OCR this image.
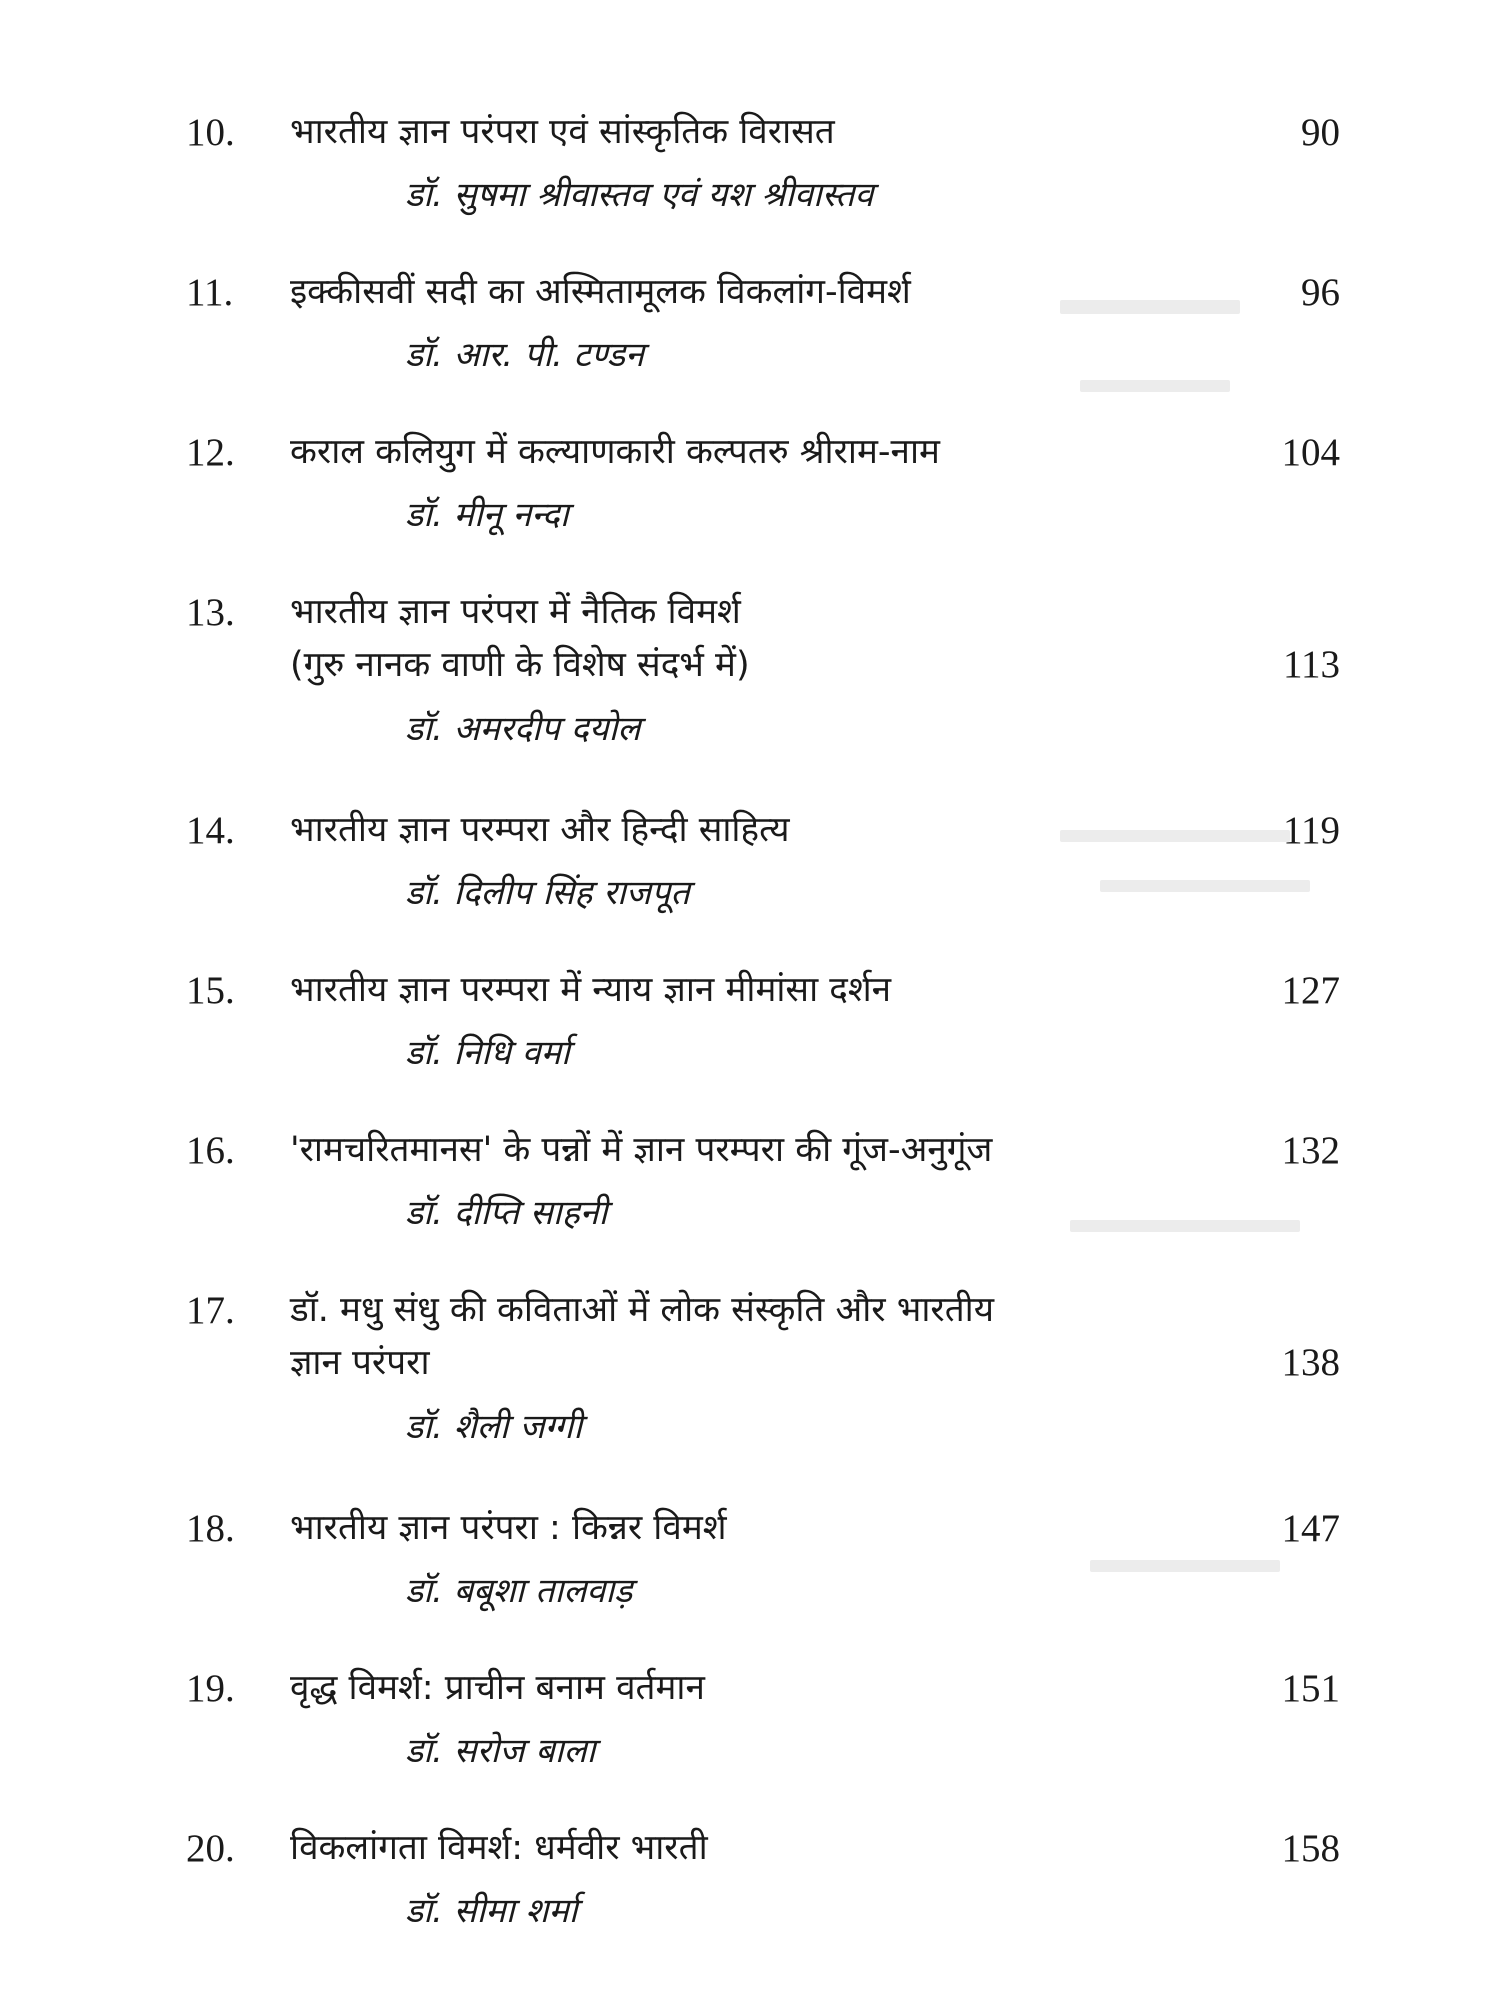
10. भारतीय ज्ञान परंपरा एवं सांस्कृतिक विरासत	90
डॉ. सुषमा श्रीवास्तव एवं यश श्रीवास्तव
11. इक्कीसवीं सदी का अस्मितामूलक विकलांग-विमर्श	96
डॉ. आर. पी. टण्डन
12. कराल कलियुग में कल्याणकारी कल्पतरु श्रीराम-नाम	104
डॉ. मीनू नन्दा
13. भारतीय ज्ञान परंपरा में नैतिक विमर्श
(गुरु नानक वाणी के विशेष संदर्भ में)	113
डॉ. अमरदीप दयोल
14. भारतीय ज्ञान परम्परा और हिन्दी साहित्य	119
डॉ. दिलीप सिंह राजपूत
15. भारतीय ज्ञान परम्परा में न्याय ज्ञान मीमांसा दर्शन	127
डॉ. निधि वर्मा
16. 'रामचरितमानस' के पन्नों में ज्ञान परम्परा की गूंज-अनुगूंज	132
डॉ. दीप्ति साहनी
17. डॉ. मधु संधु की कविताओं में लोक संस्कृति और भारतीय
ज्ञान परंपरा	138
डॉ. शैली जग्गी
18. भारतीय ज्ञान परंपरा : किन्नर विमर्श	147
डॉ. बबूशा तालवाड़
19. वृद्ध विमर्श: प्राचीन बनाम वर्तमान	151
डॉ. सरोज बाला
20. विकलांगता विमर्श: धर्मवीर भारती	158
डॉ. सीमा शर्मा
